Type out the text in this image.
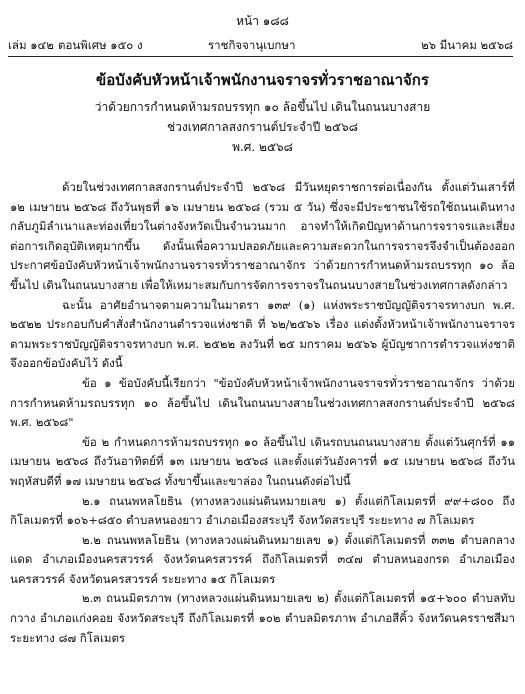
หน้า ๑๘๘
เล่ม ๑๔๒ ตอนพิเศษ ๑๕๐ ง	ราชกิจจานุเบกษา	๒๖ มีนาคม ๒๕๖๘
ข้อบังคับหัวหน้าเจ้าพนักงานจราจรทั่วราชอาณาจักร
ว่าด้วยการกำหนดห้ามรถบรรทุก ๑๐ ล้อขึ้นไป เดินในถนนบางสาย
ช่วงเทศกาลสงกรานต์ประจำปี ๒๕๖๘
พ.ศ. ๒๕๖๘

ด้วยในช่วงเทศกาลสงกรานต์ประจำปี ๒๕๖๘ มีวันหยุดราชการต่อเนื่องกัน ตั้งแต่วันเสาร์ที่ ๑๒ เมษายน ๒๕๖๘ ถึงวันพุธที่ ๑๖ เมษายน ๒๕๖๘ (รวม ๕ วัน) ซึ่งจะมีประชาชนใช้รถใช้ถนนเดินทางกลับภูมิลำเนาและท่องเที่ยวในต่างจังหวัดเป็นจำนวนมาก อาจทำให้เกิดปัญหาด้านการจราจรและเสี่ยงต่อการเกิดอุบัติเหตุมากขึ้น ดังนั้นเพื่อความปลอดภัยและความสะดวกในการจราจรจึงจำเป็นต้องออกประกาศข้อบังคับหัวหน้าเจ้าพนักงานจราจรทั่วราชอาณาจักร ว่าด้วยการกำหนดห้ามรถบรรทุก ๑๐ ล้อขึ้นไป เดินในถนนบางสาย เพื่อให้เหมาะสมกับการจัดการจราจรในถนนบางสายในช่วงเทศกาลดังกล่าว

ฉะนั้น อาศัยอำนาจตามความในมาตรา ๑๓๙ (๑) แห่งพระราชบัญญัติจราจรทางบก พ.ศ. ๒๕๒๒ ประกอบกับคำสั่งสำนักงานตำรวจแห่งชาติ ที่ ๖๒/๒๕๖๖ เรื่อง แต่งตั้งหัวหน้าเจ้าพนักงานจราจรตามพระราชบัญญัติจราจรทางบก พ.ศ. ๒๕๒๒ ลงวันที่ ๒๕ มกราคม ๒๕๖๖ ผู้บัญชาการตำรวจแห่งชาติจึงออกข้อบังคับไว้ ดังนี้

ข้อ ๑ ข้อบังคับนี้เรียกว่า "ข้อบังคับหัวหน้าเจ้าพนักงานจราจรทั่วราชอาณาจักร ว่าด้วยการกำหนดห้ามรถบรรทุก ๑๐ ล้อขึ้นไป เดินในถนนบางสายในช่วงเทศกาลสงกรานต์ประจำปี ๒๕๖๘ พ.ศ. ๒๕๖๘"

ข้อ ๒ กำหนดการห้ามรถบรรทุก ๑๐ ล้อขึ้นไป เดินรถบนถนนบางสาย ตั้งแต่วันศุกร์ที่ ๑๑ เมษายน ๒๕๖๘ ถึงวันอาทิตย์ที่ ๑๓ เมษายน ๒๕๖๘ และตั้งแต่วันอังคารที่ ๑๕ เมษายน ๒๕๖๘ ถึงวันพฤหัสบดีที่ ๑๗ เมษายน ๒๕๖๘ ทั้งขาขึ้นและขาล่อง ในถนนดังต่อไปนี้

๒.๑ ถนนพหลโยธิน (ทางหลวงแผ่นดินหมายเลข ๑) ตั้งแต่กิโลเมตรที่ ๙๙+๘๐๐ ถึงกิโลเมตรที่ ๑๐๖+๘๕๐ ตำบลหนองยาว อำเภอเมืองสระบุรี จังหวัดสระบุรี ระยะทาง ๗ กิโลเมตร

๒.๒ ถนนพหลโยธิน (ทางหลวงแผ่นดินหมายเลข ๑) ตั้งแต่กิโลเมตรที่ ๓๓๒ ตำบลกลางแดด อำเภอเมืองนครสวรรค์ จังหวัดนครสวรรค์ ถึงกิโลเมตรที่ ๓๔๗ ตำบลหนองกรด อำเภอเมืองนครสวรรค์ จังหวัดนครสวรรค์ ระยะทาง ๑๕ กิโลเมตร

๒.๓ ถนนมิตรภาพ (ทางหลวงแผ่นดินหมายเลข ๒) ตั้งแต่กิโลเมตรที่ ๑๕+๖๐๐ ตำบลทับกวาง อำเภอแก่งคอย จังหวัดสระบุรี ถึงกิโลเมตรที่ ๑๐๒ ตำบลมิตรภาพ อำเภอสีคิ้ว จังหวัดนครราชสีมา ระยะทาง ๘๗ กิโลเมตร
